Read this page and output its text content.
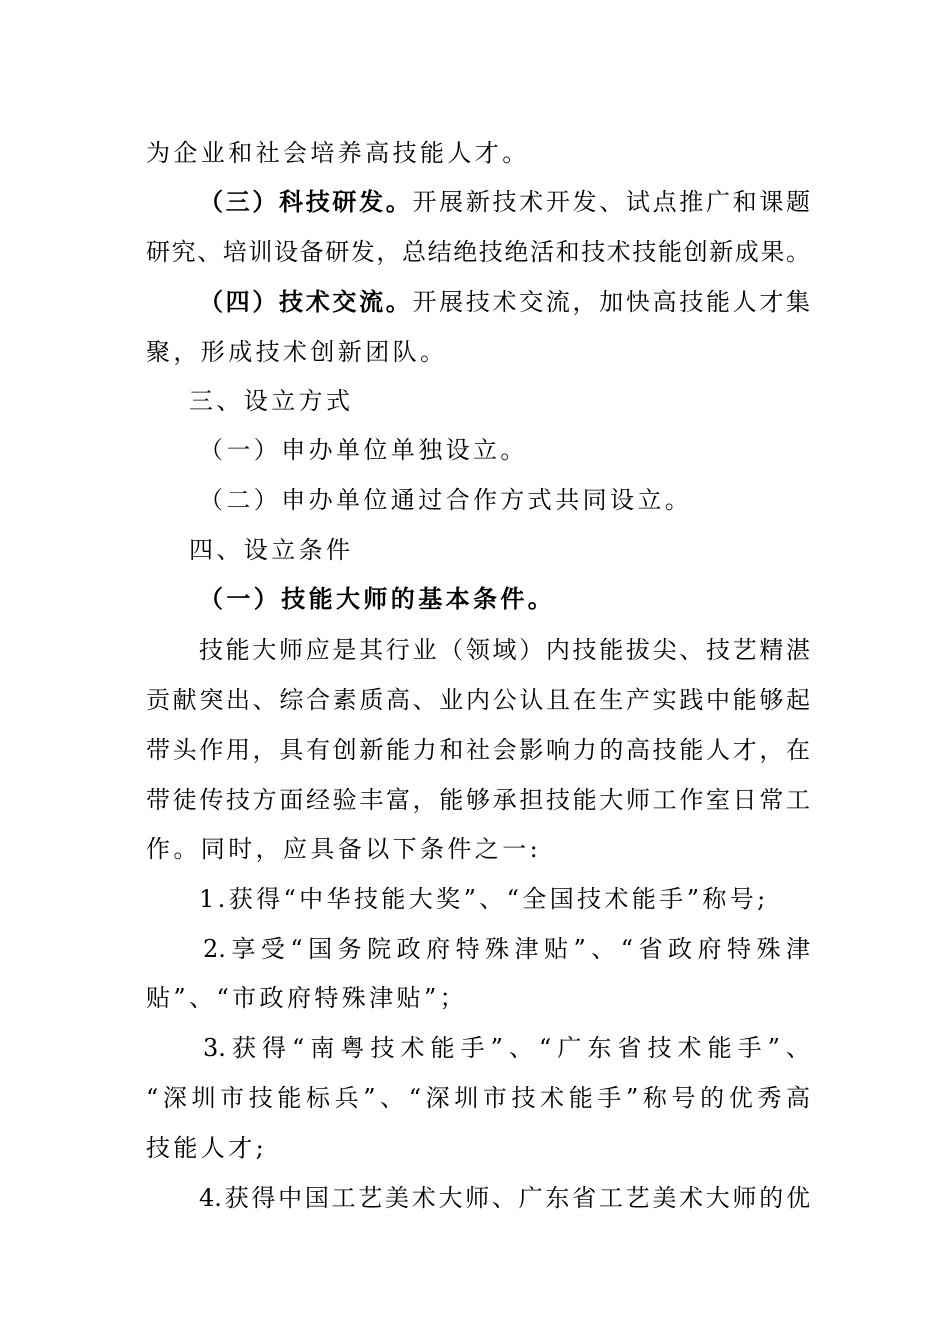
为企业和社会培养高技能人才。
（三）科技研发。开展新技术开发、试点推广和课题
研究、培训设备研发，总结绝技绝活和技术技能创新成果。
（四）技术交流。开展技术交流，加快高技能人才集
聚，形成技术创新团队。
三、设立方式
（一）申办单位单独设立。
（二）申办单位通过合作方式共同设立。
四、设立条件
（一）技能大师的基本条件。
技能大师应是其行业（领域）内技能拔尖、技艺精湛
贡献突出、综合素质高、业内公认且在生产实践中能够起
带头作用，具有创新能力和社会影响力的高技能人才，在
带徒传技方面经验丰富，能够承担技能大师工作室日常工
作。同时，应具备以下条件之一:
1.获得“中华技能大奖”、“全国技术能手”称号;
2.享受“国务院政府特殊津贴”、“省政府特殊津
贴”、“市政府特殊津贴”；
3.获得“南粤技术能手”、“广东省技术能手”、
“深圳市技能标兵”、“深圳市技术能手”称号的优秀高
技能人才;
4.获得中国工艺美术大师、广东省工艺美术大师的优
